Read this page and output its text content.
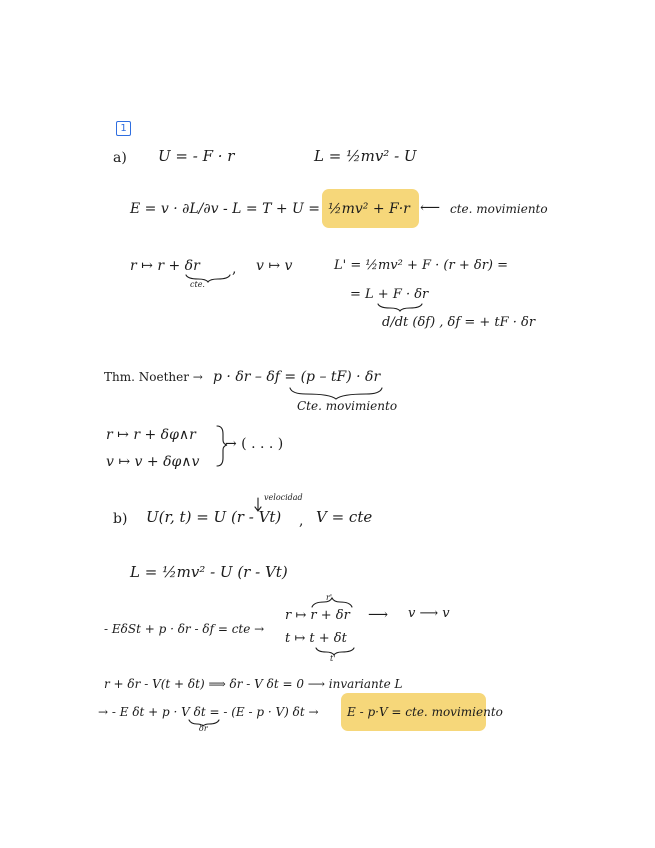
1
a) U = - F · r	L = ½mv² - U
E = v · ∂L/∂v - L = T + U = ½mv² + F·r ⟵ cte. movimiento
r ↦ r + δr
cte.
, v ↦ v	L' = ½mv² + F · (r + δr) =
= L + F · δr
d/dt (δf) , δf = + tF · δr
Thm. Noether → p · δr – δf = (p – tF) · δr
Cte. movimiento
r ↦ r + δφ∧r
v ↦ v + δφ∧v
→ ( . . . )
b) U(r, t) = U (r - Vt)
velocidad
, V = cte
L = ½mv² - U (r - Vt)
- EδSt + p · δr - δf = cte →
r'
r ↦ r + δr
t ↦ t + δt
t'
⟶ v ⟶ v
r + δr - V(t + δt) ⟹ δr - V δt = 0 ⟶ invariante L
→ - E δt + p · V δt = - (E - p · V) δt →
δr
E - p·V = cte. movimiento
